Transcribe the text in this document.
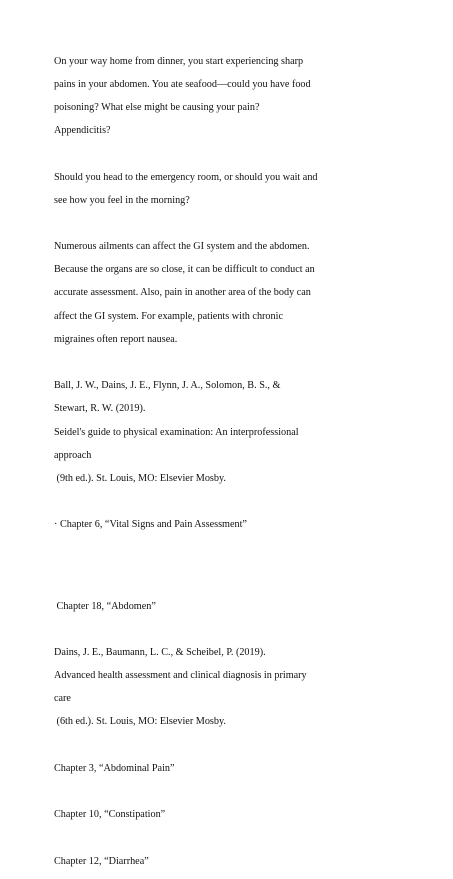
On your way home from dinner, you start experiencing sharp

pains in your abdomen. You ate seafood—could you have food

poisoning? What else might be causing your pain?

Appendicitis?

Should you head to the emergency room, or should you wait and

see how you feel in the morning?

Numerous ailments can affect the GI system and the abdomen.

Because the organs are so close, it can be difficult to conduct an

accurate assessment. Also, pain in another area of the body can

affect the GI system. For example, patients with chronic

migraines often report nausea.

Ball, J. W., Dains, J. E., Flynn, J. A., Solomon, B. S., &

Stewart, R. W. (2019).

Seidel's guide to physical examination: An interprofessional

approach

(9th ed.). St. Louis, MO: Elsevier Mosby.

· Chapter 6, “Vital Signs and Pain Assessment”

Chapter 18, “Abdomen”

Dains, J. E., Baumann, L. C., & Scheibel, P. (2019).

Advanced health assessment and clinical diagnosis in primary

care

(6th ed.). St. Louis, MO: Elsevier Mosby.

Chapter 3, “Abdominal Pain”

Chapter 10, “Constipation”

Chapter 12, “Diarrhea”
